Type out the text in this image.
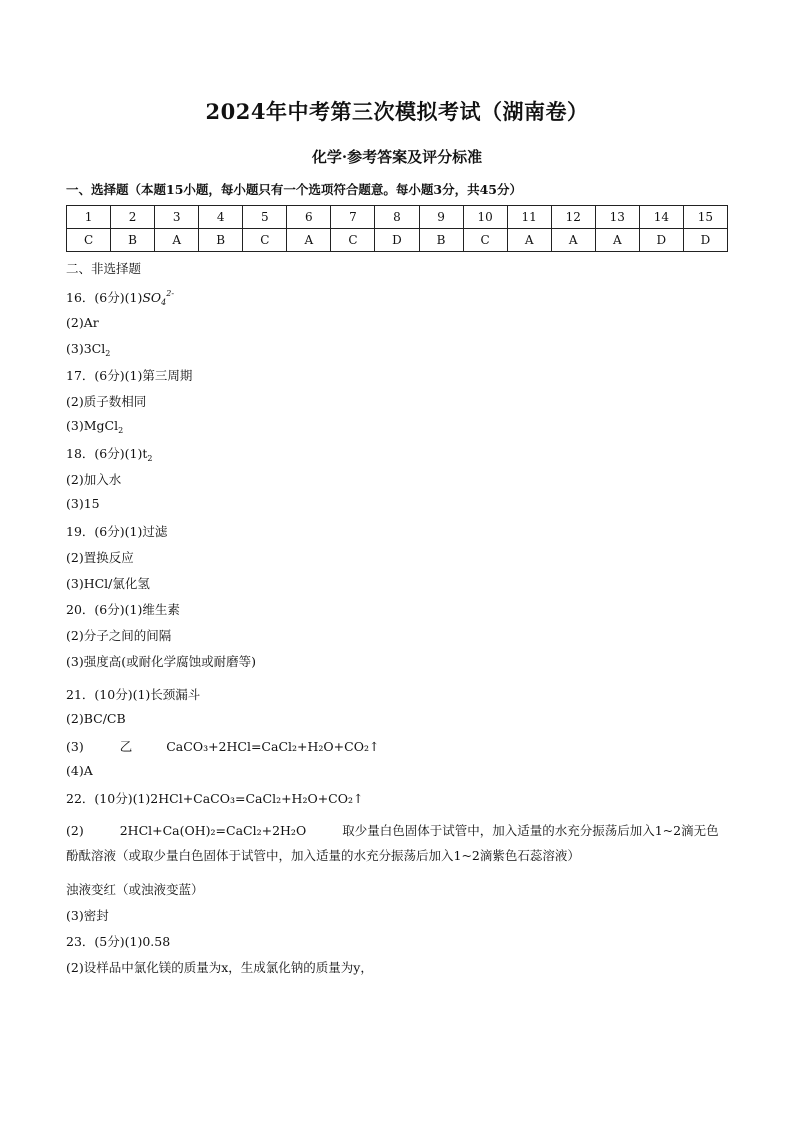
2024年中考第三次模拟考试（湖南卷）
化学·参考答案及评分标准
一、选择题（本题15小题，每小题只有一个选项符合题意。每小题3分，共45分）
1	2	3	4	5	6	7	8	9	10	11	12	13	14	15
C	B	A	B	C	A	C	D	B	C	A	A	A	D	D
二、非选择题
16．(6分)$(1)SO_4^{2-}$
(2)Ar
$(3)3Cl_2$
17．(6分)(1)第三周期
(2)质子数相同
(3)MgCl$_2$
18．(6分)$(1)t_2$
(2)加入水
(3)15
19．(6分)(1)过滤
(2)置换反应
(3)HCl/氯化氢
20．(6分)(1)维生素
(2)分子之间的间隔
(3)强度高(或耐化学腐蚀或耐磨等)
21．(10分)(1)长颈漏斗
(2)BC/CB
(3)	乙	CaCO₃+2HCl=CaCl₂+H₂O+CO₂↑
(4)A
22．(10分)(1)2HCl+CaCO₃=CaCl₂+H₂O+CO₂↑
(2)	2HCl+Ca(OH)₂=CaCl₂+2H₂O	取少量白色固体于试管中，加入适量的水充分振荡后加入1~2滴无色酚酞溶液（或取少量白色固体于试管中，加入适量的水充分振荡后加入1~2滴紫色石蕊溶液）
浊液变红（或浊液变蓝）
(3)密封
23．(5分)(1)0.58
(2)设样品中氯化镁的质量为x，生成氯化钠的质量为y，
